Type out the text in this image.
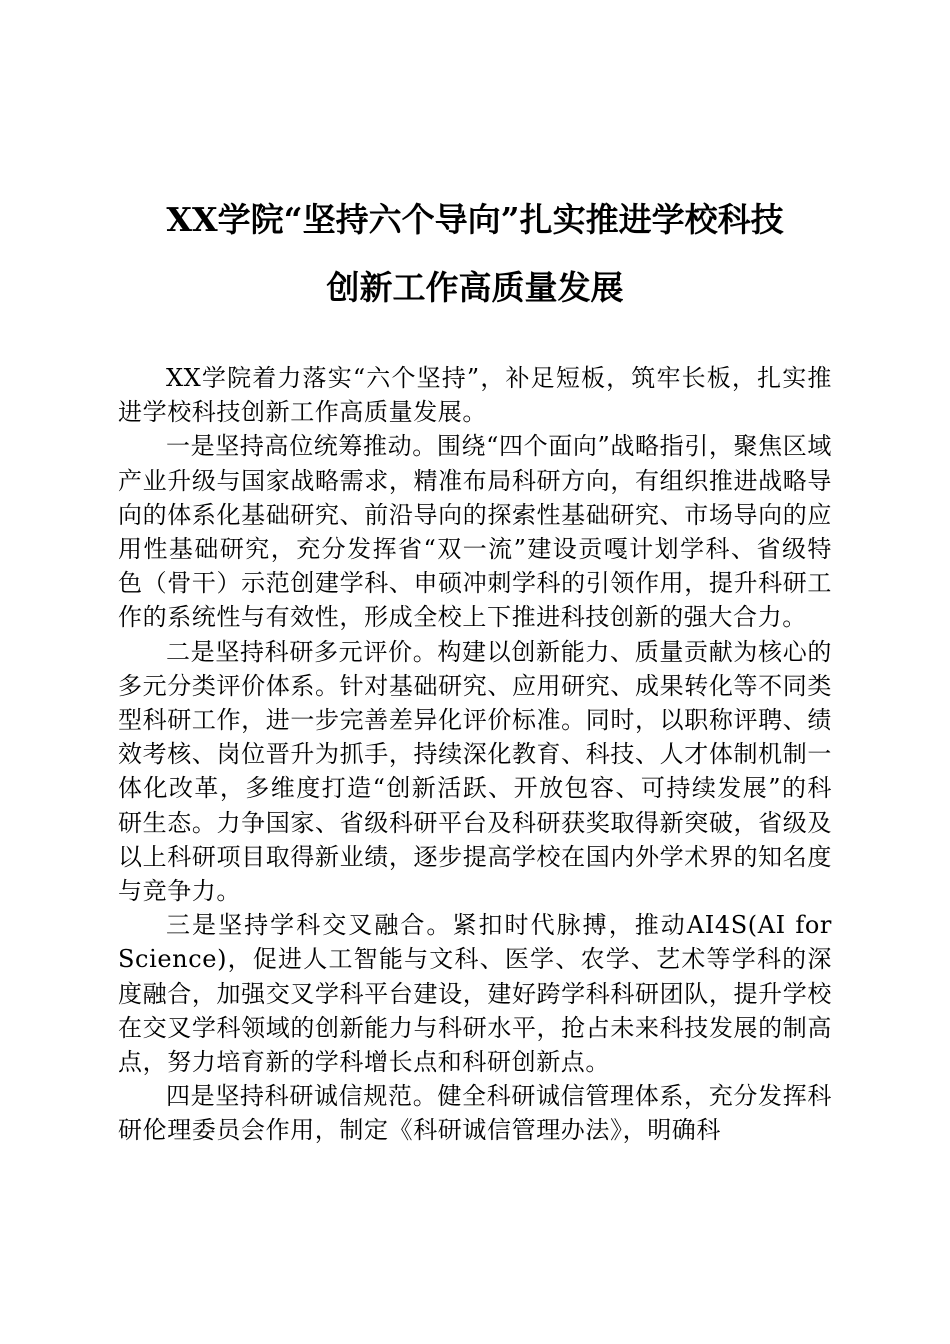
XX学院“坚持六个导向”扎实推进学校科技
创新工作高质量发展

XX学院着力落实“六个坚持”，补足短板，筑牢长板，扎实推进学校科技创新工作高质量发展。

一是坚持高位统筹推动。围绕“四个面向”战略指引，聚焦区域产业升级与国家战略需求，精准布局科研方向，有组织推进战略导向的体系化基础研究、前沿导向的探索性基础研究、市场导向的应用性基础研究，充分发挥省“双一流”建设贡嘎计划学科、省级特色（骨干）示范创建学科、申硕冲刺学科的引领作用，提升科研工作的系统性与有效性，形成全校上下推进科技创新的强大合力。

二是坚持科研多元评价。构建以创新能力、质量贡献为核心的多元分类评价体系。针对基础研究、应用研究、成果转化等不同类型科研工作，进一步完善差异化评价标准。同时，以职称评聘、绩效考核、岗位晋升为抓手，持续深化教育、科技、人才体制机制一体化改革，多维度打造“创新活跃、开放包容、可持续发展”的科研生态。力争国家、省级科研平台及科研获奖取得新突破，省级及以上科研项目取得新业绩，逐步提高学校在国内外学术界的知名度与竞争力。

三是坚持学科交叉融合。紧扣时代脉搏，推动AI4S(AI for Science)，促进人工智能与文科、医学、农学、艺术等学科的深度融合，加强交叉学科平台建设，建好跨学科科研团队，提升学校在交叉学科领域的创新能力与科研水平，抢占未来科技发展的制高点，努力培育新的学科增长点和科研创新点。

四是坚持科研诚信规范。健全科研诚信管理体系，充分发挥科研伦理委员会作用，制定《科研诚信管理办法》，明确科
